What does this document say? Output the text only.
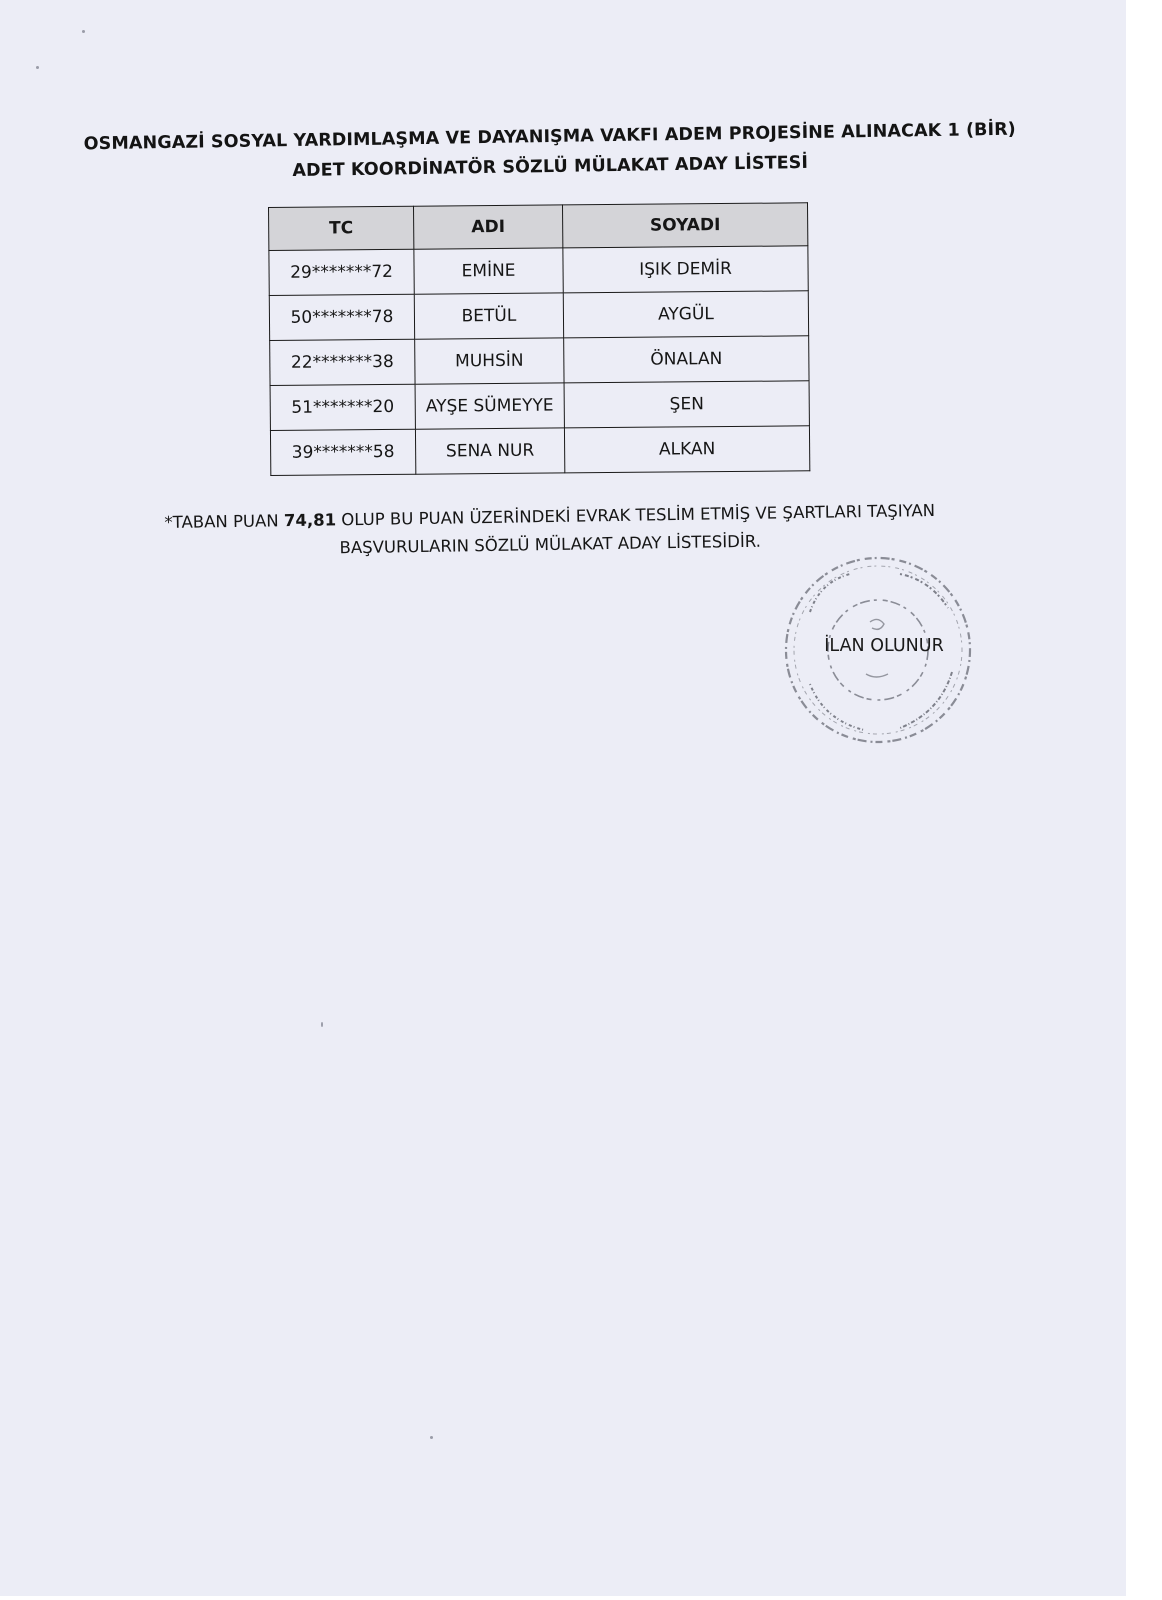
OSMANGAZİ SOSYAL YARDIMLAŞMA VE DAYANIŞMA VAKFI ADEM PROJESİNE ALINACAK 1 (BİR)
ADET KOORDİNATÖR SÖZLÜ MÜLAKAT ADAY LİSTESİ
TC	ADI	SOYADI
29*******72	EMİNE	IŞIK DEMİR
50*******78	BETÜL	AYGÜL
22*******38	MUHSİN	ÖNALAN
51*******20	AYŞE SÜMEYYE	ŞEN
39*******58	SENA NUR	ALKAN
*TABAN PUAN 74,81 OLUP BU PUAN ÜZERİNDEKİ EVRAK TESLİM ETMİŞ VE ŞARTLARI TAŞIYAN
BAŞVURULARIN SÖZLÜ MÜLAKAT ADAY LİSTESİDİR.
İLAN OLUNUR
